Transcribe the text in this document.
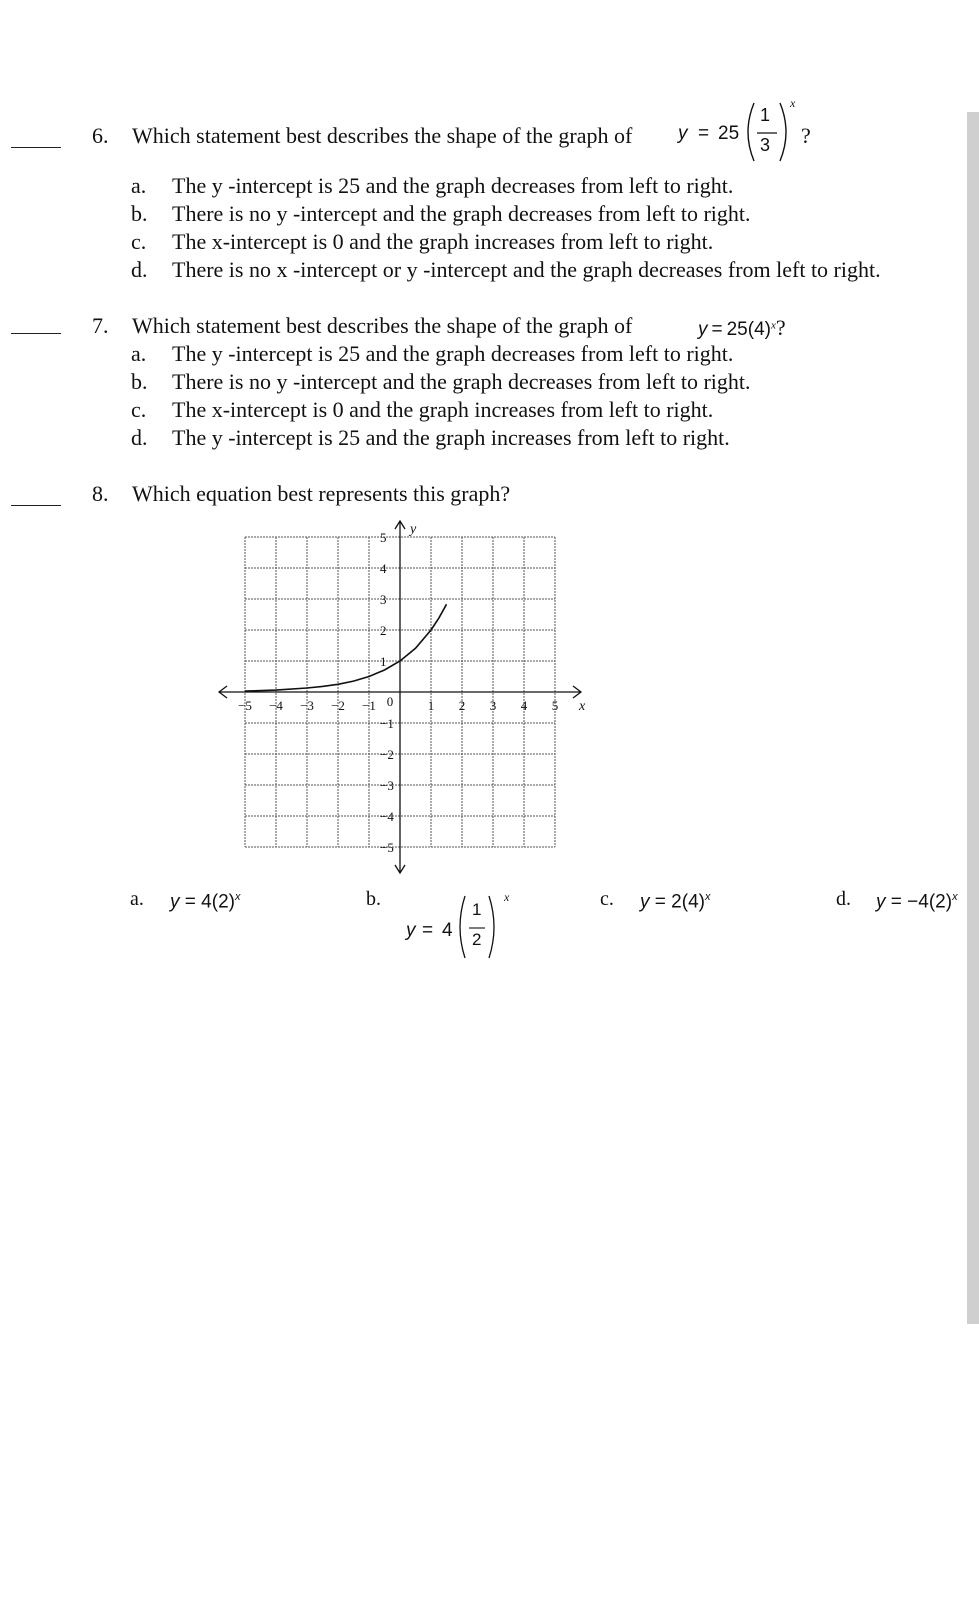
6. Which statement best describes the shape of the graph of y = 25
1
3
x
?
a. The y -intercept is 25 and the graph decreases from left to right.
b. There is no y -intercept and the graph decreases from left to right.
c. The x-intercept is 0 and the graph increases from left to right.
d. There is no x -intercept or y -intercept and the graph decreases from left to right.
7. Which statement best describes the shape of the graph of	$y = 25(4)^x$?
a. The y -intercept is 25 and the graph decreases from left to right.
b. There is no y -intercept and the graph decreases from left to right.
c. The x-intercept is 0 and the graph increases from left to right.
d. The y -intercept is 25 and the graph increases from left to right.
8. Which equation best represents this graph?
x
y
−5 −4 −3 −2 −1	1 2 3 4 5
0
5
4
3
2
1
−1
−2
−3
−4
−5
a. $y = 4(2)^x$	b.
y = 4
1
2
x	c. $y = 2(4)^x$	d. $y = -4(2)^x$
